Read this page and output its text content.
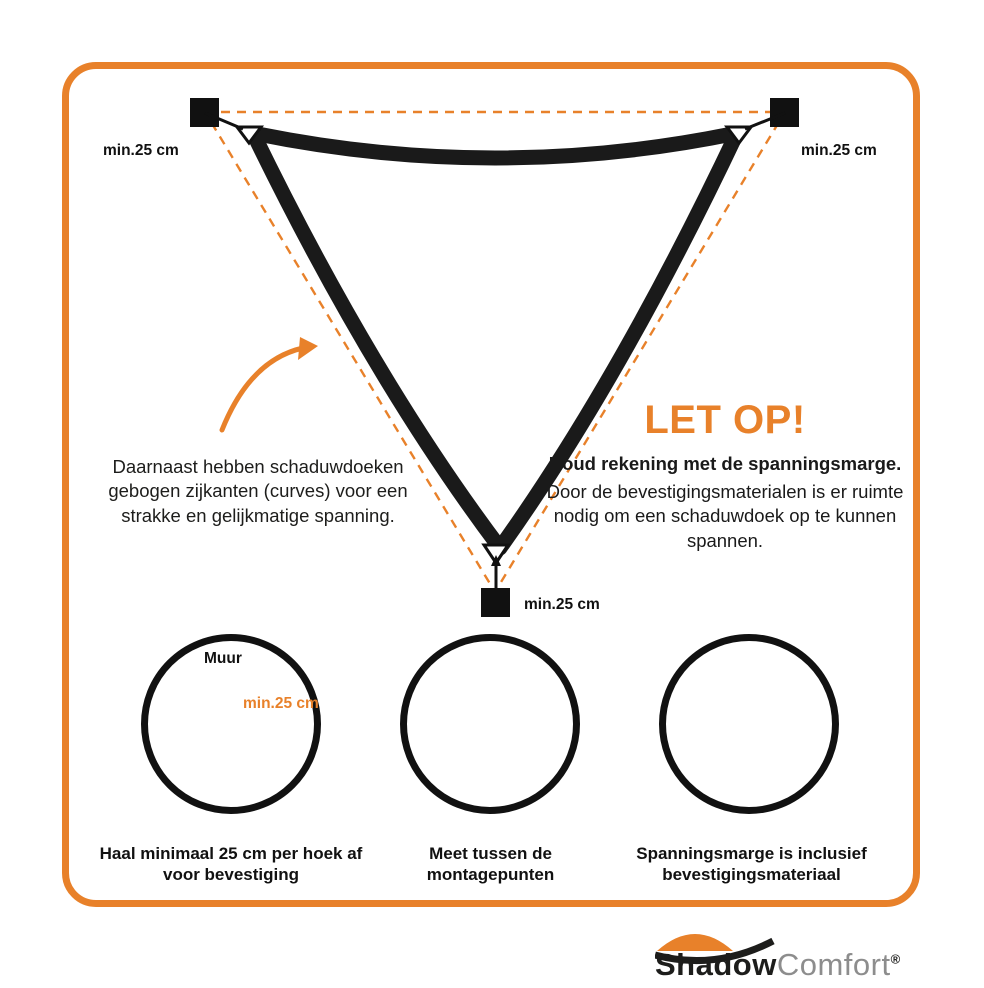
min.25 cm	min.25 cm
min.25 cm
Daarnaast hebben schaduwdoeken gebogen zijkanten (curves) voor een strakke en gelijkmatige spanning.
LET OP!
Houd rekening met de spanningsmarge.
Door de bevestigingsmaterialen is er ruimte nodig om een schaduwdoek op te kunnen spannen.
Muur
min.25 cm
Haal minimaal 25 cm per hoek af voor bevestiging
Meet tussen de montagepunten
Spanningsmarge is inclusief bevestigingsmateriaal
ShadowComfort®
